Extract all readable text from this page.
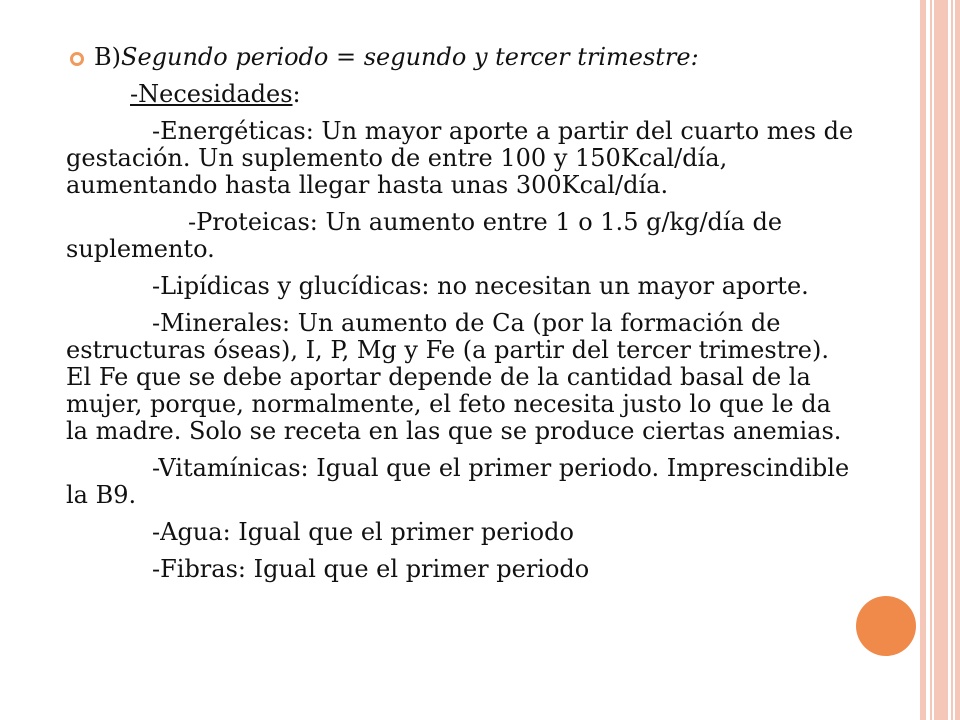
B)Segundo periodo = segundo y tercer trimestre:

-Necesidades:

-Energéticas: Un mayor aporte a partir del cuarto mes de gestación. Un suplemento de entre 100 y 150Kcal/día, aumentando hasta llegar hasta unas 300Kcal/día.

-Proteicas: Un aumento entre 1 o 1.5 g/kg/día de suplemento.

-Lipídicas y glucídicas: no necesitan un mayor aporte.

-Minerales: Un aumento de Ca (por la formación de estructuras óseas), I, P, Mg y Fe (a partir del tercer trimestre). El Fe que se debe aportar depende de la cantidad basal de la mujer, porque, normalmente, el feto necesita justo lo que le da la madre. Solo se receta en las que se produce ciertas anemias.

-Vitamínicas: Igual que el primer periodo. Imprescindible la B9.

-Agua: Igual que el primer periodo

-Fibras: Igual que el primer periodo
